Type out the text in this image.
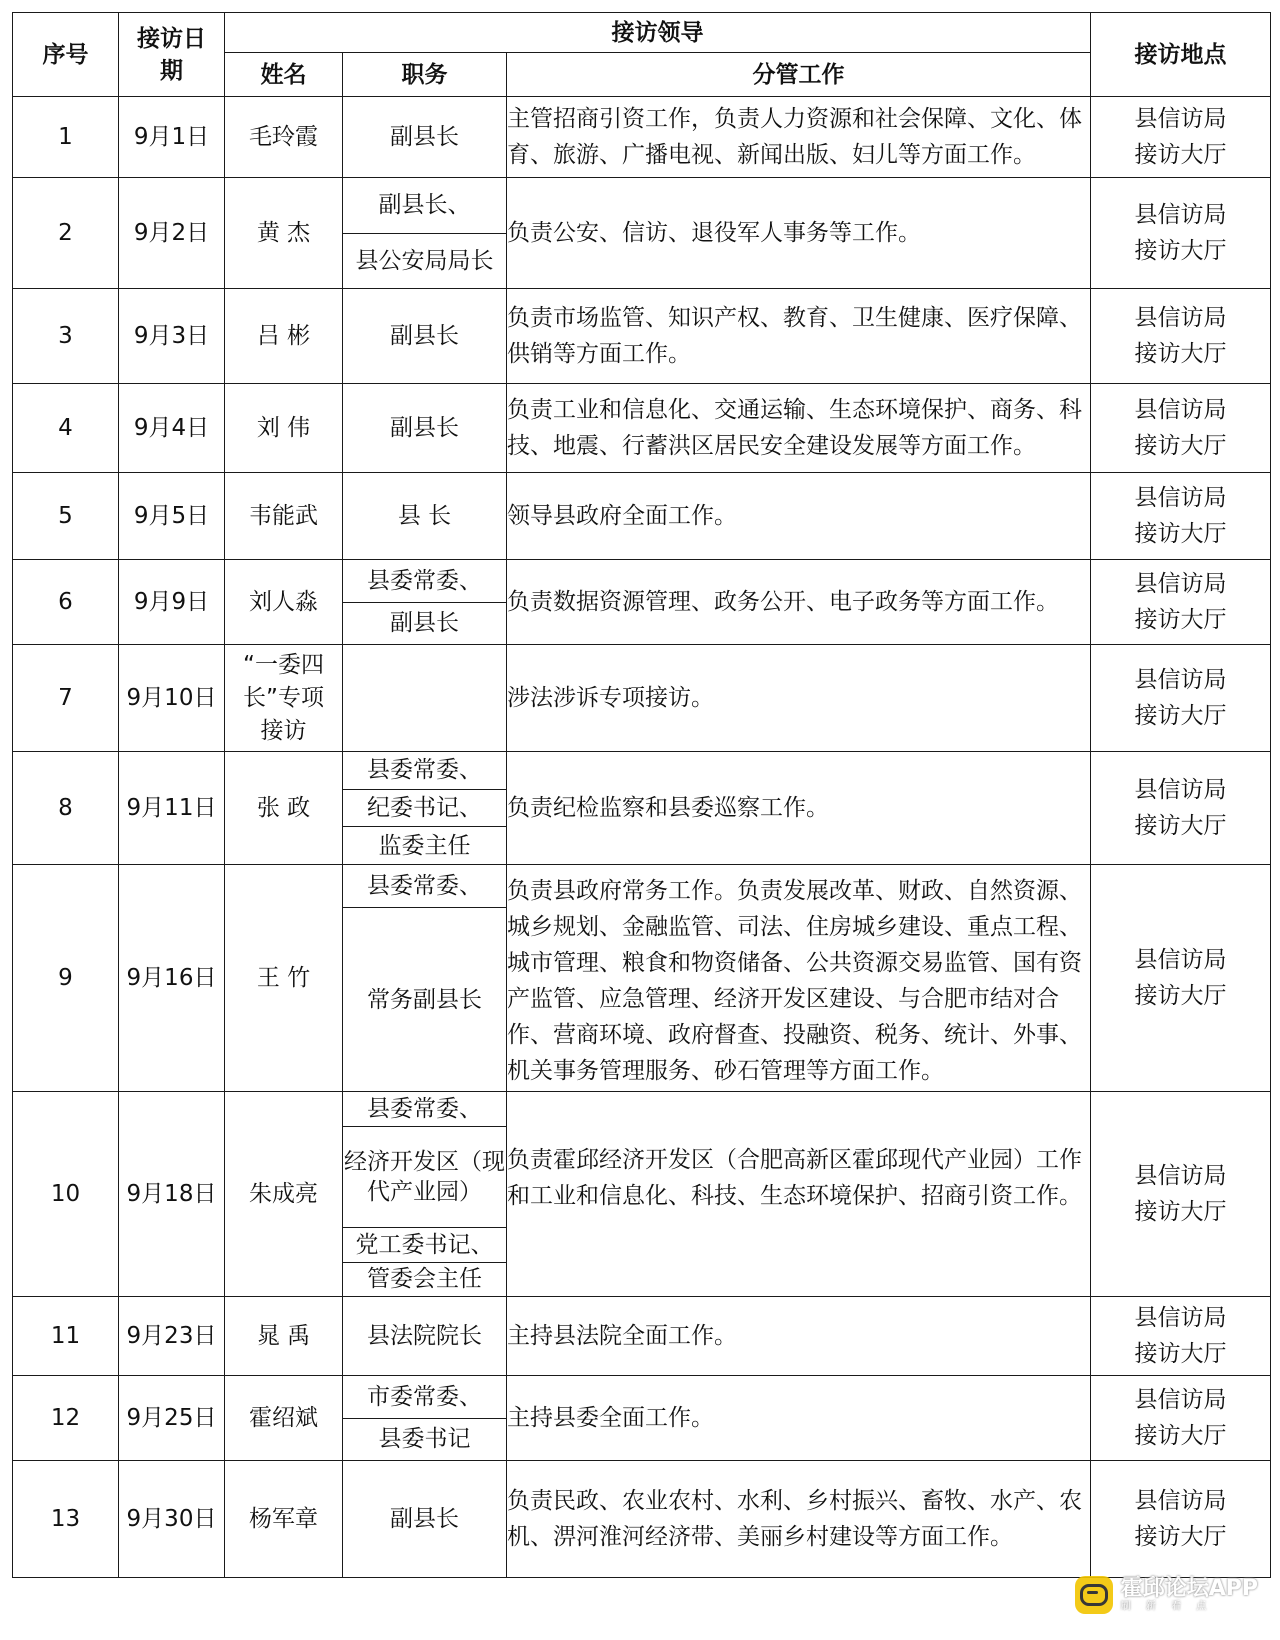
序号	接访日
期	接访领导			接访地点
		姓名	职务	分管工作	
1	9月1日	毛玲霞	副县长	主管招商引资工作，负责人力资源和社会保障、文化、体育、旅游、广播电视、新闻出版、妇儿等方面工作。	县信访局
接访大厅

2	9月2日	黄 杰	副县长、
县公安局局长	负责公安、信访、退役军人事务等工作。	县信访局
接访大厅

3	9月3日	吕 彬	副县长	负责市场监管、知识产权、教育、卫生健康、医疗保障、供销等方面工作。	县信访局
接访大厅

4	9月4日	刘 伟	副县长	负责工业和信息化、交通运输、生态环境保护、商务、科技、地震、行蓄洪区居民安全建设发展等方面工作。	县信访局
接访大厅

5	9月5日	韦能武	县 长	领导县政府全面工作。	县信访局
接访大厅

6	9月9日	刘人淼	县委常委、
副县长	负责数据资源管理、政务公开、电子政务等方面工作。	县信访局
接访大厅

7	9月10日	“一委四长”专项接访		涉法涉诉专项接访。	县信访局
接访大厅

8	9月11日	张 政	县委常委、
纪委书记、
监委主任	负责纪检监察和县委巡察工作。	县信访局
接访大厅

9	9月16日	王 竹	县委常委、
常务副县长	负责县政府常务工作。负责发展改革、财政、自然资源、城乡规划、金融监管、司法、住房城乡建设、重点工程、城市管理、粮食和物资储备、公共资源交易监管、国有资产监管、应急管理、经济开发区建设、与合肥市结对合作、营商环境、政府督查、投融资、税务、统计、外事、机关事务管理服务、砂石管理等方面工作。	县信访局
接访大厅

10	9月18日	朱成亮	县委常委、
经济开发区（现代产业园）
党工委书记、
管委会主任	负责霍邱经济开发区（合肥高新区霍邱现代产业园）工作和工业和信息化、科技、生态环境保护、招商引资工作。	县信访局
接访大厅

11	9月23日	晁 禹	县法院院长	主持县法院全面工作。	县信访局
接访大厅

12	9月25日	霍绍斌	市委常委、
县委书记	主持县委全面工作。	县信访局
接访大厅

13	9月30日	杨军章	副县长	负责民政、农业农村、水利、乡村振兴、畜牧、水产、农机、淠河淮河经济带、美丽乡村建设等方面工作。	县信访局
接访大厅
霍邱论坛APP
刷 新 看 点
